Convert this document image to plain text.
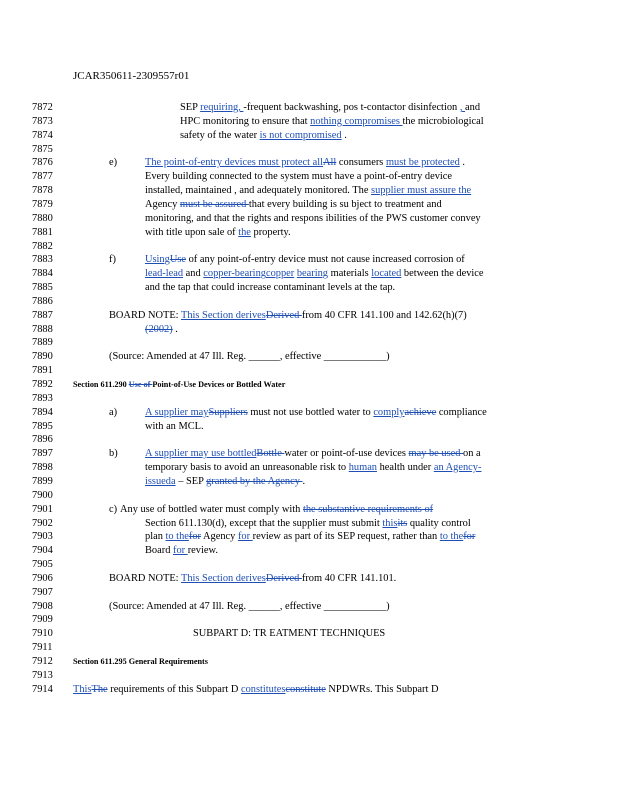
JCAR350611-2309557r01
7872	SEP requiring, -frequent backwashing, pos t-contactor disinfection , and
7873	HPC monitoring to ensure that nothing compromises the microbiological
7874	safety of the water is not compromised .
7875
7876	e)	The point-of-entry devices must protect allAll consumers must be protected .
7877	Every building connected to the system must have a point-of-entry device
7878	installed, maintained , and adequately monitored. The supplier must assure the
7879	Agency must be assured that every building is su bject to treatment and
7880	monitoring, and that the rights and respons ibilities of the PWS customer convey
7881	with title upon sale of the property.
7882
7883	f)	UsingUse of any point-of-entry device must not cause increased corrosion of
7884	lead-lead and copper-bearingcopper bearing materials located between the device
7885	and the tap that could increase contaminant levels at the tap.
7886
7887	BOARD NOTE: This Section derivesDerived from 40 CFR 141.100 and 142.62(h)(7)
7888	(2002) .
7889
7890	(Source: Amended at 47 Ill. Reg. ______, effective ____________)
7891
7892 Section 611.290 Use of Point-of-Use Devices or Bottled Water
7893
7894	a)	A supplier maySuppliers must not use bottled water to complyachieve compliance
7895	with an MCL.
7896
7897	b)	A supplier may use bottledBottle water or point-of-use devices may be used on a
7898	temporary basis to avoid an unreasonable risk to human health under an Agency-
7899	issueda – SEP granted by the Agency .
7900
7901	c) Any use of bottled water must comply with the substantive requirements of
7902	Section 611.130(d), except that the supplier must submit thisits quality control
7903	plan to thefor Agency for review as part of its SEP request, rather than to thefor
7904	Board for review.
7905
7906	BOARD NOTE: This Section derivesDerived from 40 CFR 141.101.
7907
7908	(Source: Amended at 47 Ill. Reg. ______, effective ____________)
7909
7910	SUBPART D: TR EATMENT TECHNIQUES
7911
7912 Section 611.295 General Requirements
7913
7914 ThisThe requirements of this Subpart D constitutesconstitute NPDWRs. This Subpart D
